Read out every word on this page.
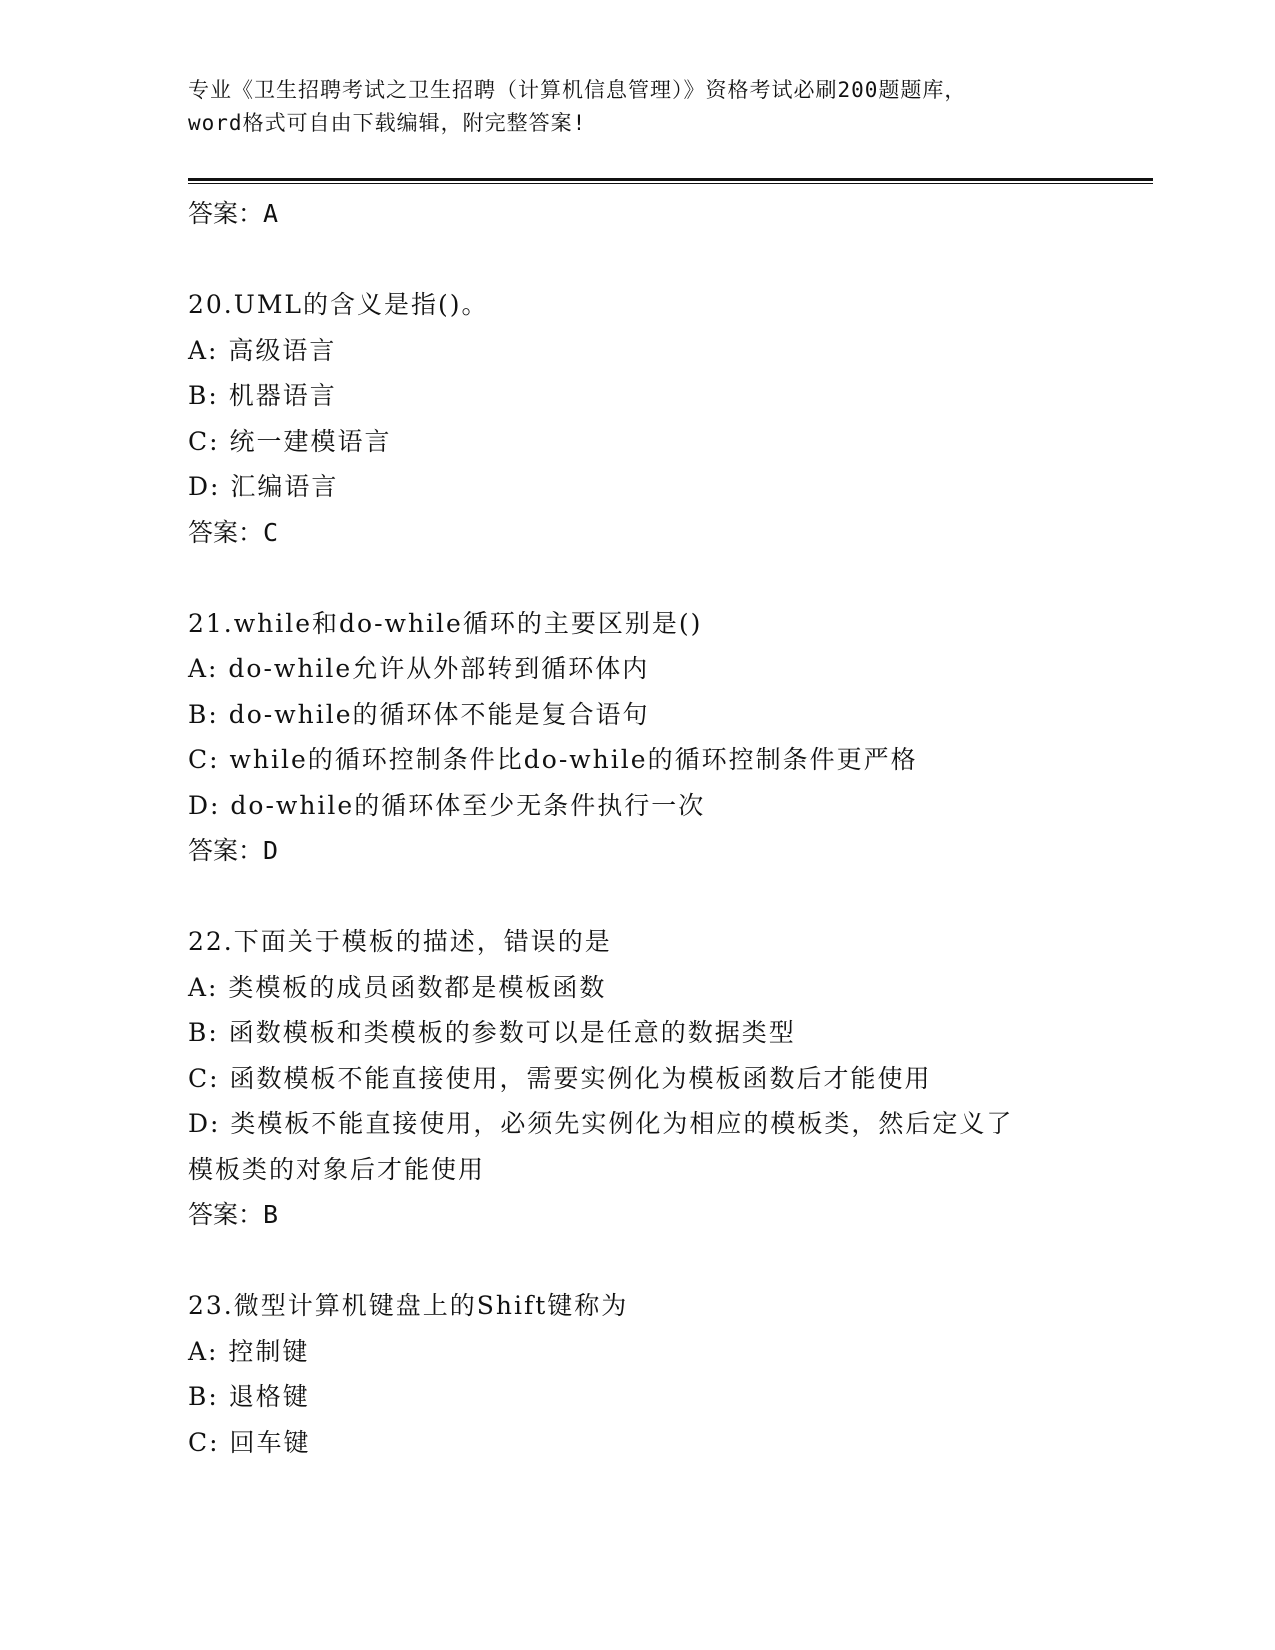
专业《卫生招聘考试之卫生招聘（计算机信息管理）》资格考试必刷200题题库，
word格式可自由下载编辑，附完整答案!
答案：A
20.UML的含义是指()。
A: 高级语言
B: 机器语言
C: 统一建模语言
D: 汇编语言
答案：C
21.while和do-while循环的主要区别是()
A: do-while允许从外部转到循环体内
B: do-while的循环体不能是复合语句
C: while的循环控制条件比do-while的循环控制条件更严格
D: do-while的循环体至少无条件执行一次
答案：D
22.下面关于模板的描述，错误的是
A: 类模板的成员函数都是模板函数
B: 函数模板和类模板的参数可以是任意的数据类型
C: 函数模板不能直接使用，需要实例化为模板函数后才能使用
D: 类模板不能直接使用，必须先实例化为相应的模板类，然后定义了
模板类的对象后才能使用
答案：B
23.微型计算机键盘上的Shift键称为
A: 控制键
B: 退格键
C: 回车键
